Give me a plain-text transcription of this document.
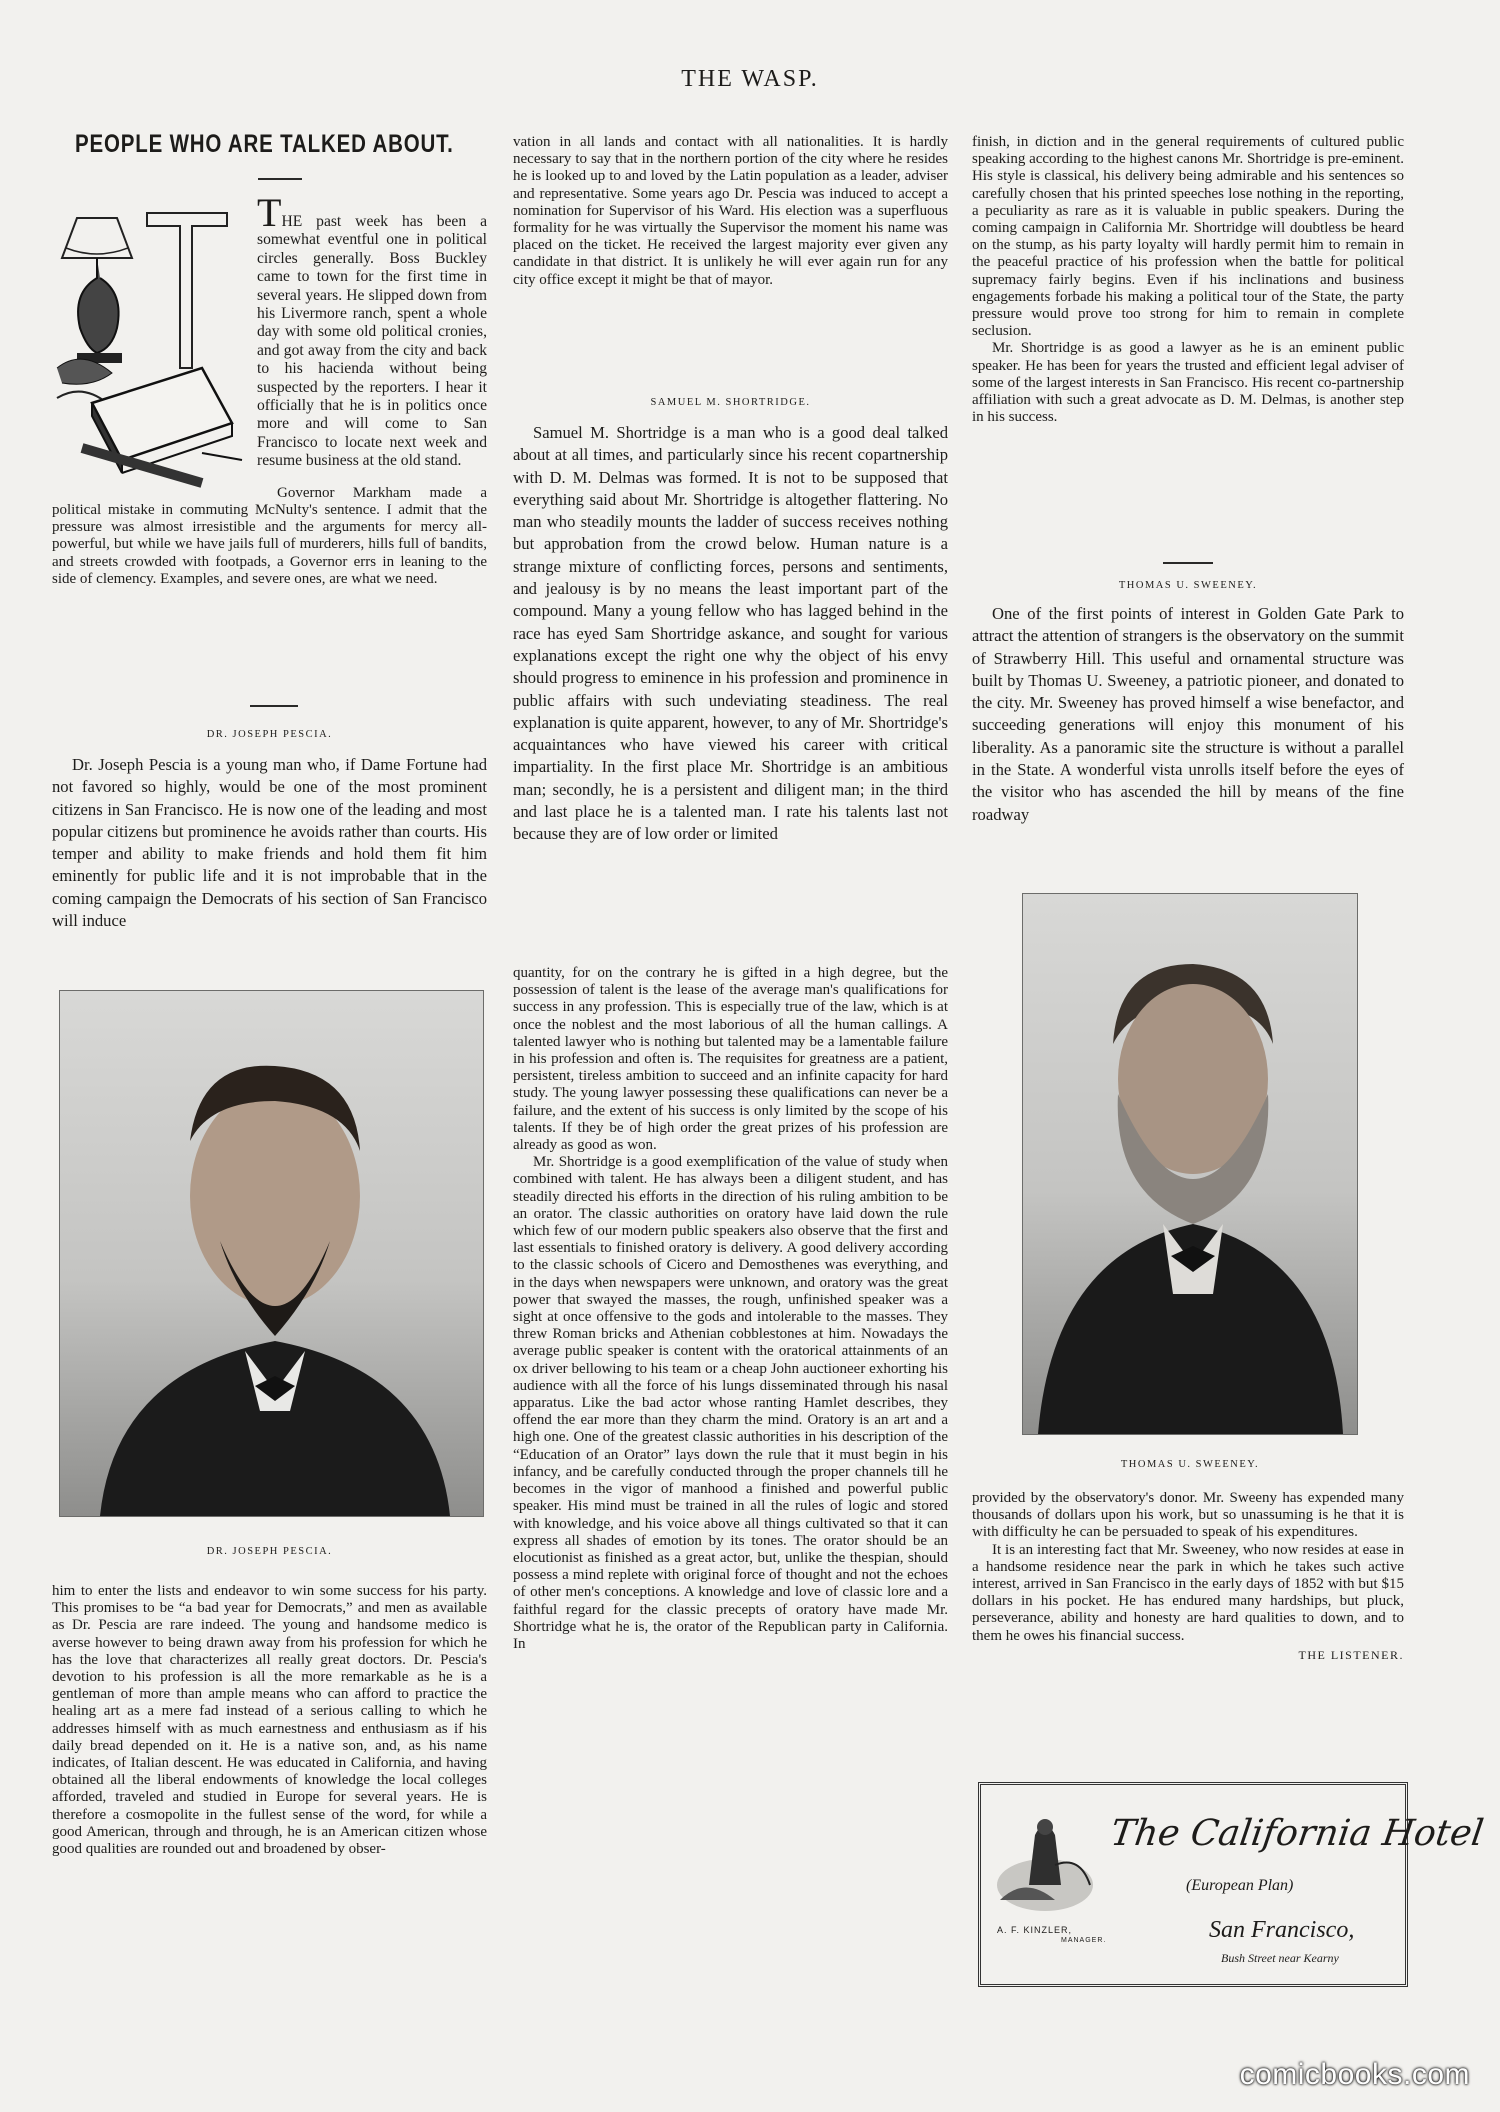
THE WASP.
PEOPLE WHO ARE TALKED ABOUT.

THE past week has been a somewhat eventful one in political circles generally. Boss Buckley came to town for the first time in several years. He slipped down from his Livermore ranch, spent a whole day with some old political cronies, and got away from the city and back to his hacienda without being suspected by the reporters. I hear it officially that he is in politics once more and will come to San Francisco to locate next week and resume business at the old stand.

Governor Markham made a political mistake in commuting McNulty's sentence. I admit that the pressure was almost irresistible and the arguments for mercy all-powerful, but while we have jails full of murderers, hills full of bandits, and streets crowded with footpads, a Governor errs in leaning to the side of clemency. Examples, and severe ones, are what we need.

DR. JOSEPH PESCIA.

Dr. Joseph Pescia is a young man who, if Dame Fortune had not favored so highly, would be one of the most prominent citizens in San Francisco. He is now one of the leading and most popular citizens but prominence he avoids rather than courts. His temper and ability to make friends and hold them fit him eminently for public life and it is not improbable that in the coming campaign the Democrats of his section of San Francisco will induce

DR. JOSEPH PESCIA.

him to enter the lists and endeavor to win some success for his party. This promises to be “a bad year for Democrats,” and men as available as Dr. Pescia are rare indeed. The young and handsome medico is averse however to being drawn away from his profession for which he has the love that characterizes all really great doctors. Dr. Pescia's devotion to his profession is all the more remarkable as he is a gentleman of more than ample means who can afford to practice the healing art as a mere fad instead of a serious calling to which he addresses himself with as much earnestness and enthusiasm as if his daily bread depended on it. He is a native son, and, as his name indicates, of Italian descent. He was educated in California, and having obtained all the liberal endowments of knowledge the local colleges afforded, traveled and studied in Europe for several years. He is therefore a cosmopolite in the fullest sense of the word, for while a good American, through and through, he is an American citizen whose good qualities are rounded out and broadened by obser-

vation in all lands and contact with all nationalities. It is hardly necessary to say that in the northern portion of the city where he resides he is looked up to and loved by the Latin population as a leader, adviser and representative. Some years ago Dr. Pescia was induced to accept a nomination for Supervisor of his Ward. His election was a superfluous formality for he was virtually the Supervisor the moment his name was placed on the ticket. He received the largest majority ever given any candidate in that district. It is unlikely he will ever again run for any city office except it might be that of mayor.

SAMUEL M. SHORTRIDGE.

Samuel M. Shortridge is a man who is a good deal talked about at all times, and particularly since his recent copartnership with D. M. Delmas was formed. It is not to be supposed that everything said about Mr. Shortridge is altogether flattering. No man who steadily mounts the ladder of success receives nothing but approbation from the crowd below. Human nature is a strange mixture of conflicting forces, persons and sentiments, and jealousy is by no means the least important part of the compound. Many a young fellow who has lagged behind in the race has eyed Sam Shortridge askance, and sought for various explanations except the right one why the object of his envy should progress to eminence in his profession and prominence in public affairs with such undeviating steadiness. The real explanation is quite apparent, however, to any of Mr. Shortridge's acquaintances who have viewed his career with critical impartiality. In the first place Mr. Shortridge is an ambitious man; secondly, he is a persistent and diligent man; in the third and last place he is a talented man. I rate his talents last not because they are of low order or limited

quantity, for on the contrary he is gifted in a high degree, but the possession of talent is the lease of the average man's qualifications for success in any profession. This is especially true of the law, which is at once the noblest and the most laborious of all the human callings. A talented lawyer who is nothing but talented may be a lamentable failure in his profession and often is. The requisites for greatness are a patient, persistent, tireless ambition to succeed and an infinite capacity for hard study. The young lawyer possessing these qualifications can never be a failure, and the extent of his success is only limited by the scope of his talents. If they be of high order the great prizes of his profession are already as good as won.

Mr. Shortridge is a good exemplification of the value of study when combined with talent. He has always been a diligent student, and has steadily directed his efforts in the direction of his ruling ambition to be an orator. The classic authorities on oratory have laid down the rule which few of our modern public speakers also observe that the first and last essentials to finished oratory is delivery. A good delivery according to the classic schools of Cicero and Demosthenes was everything, and in the days when newspapers were unknown, and oratory was the great power that swayed the masses, the rough, unfinished speaker was a sight at once offensive to the gods and intolerable to the masses. They threw Roman bricks and Athenian cobblestones at him. Nowadays the average public speaker is content with the oratorical attainments of an ox driver bellowing to his team or a cheap John auctioneer exhorting his audience with all the force of his lungs disseminated through his nasal apparatus. Like the bad actor whose ranting Hamlet describes, they offend the ear more than they charm the mind. Oratory is an art and a high one. One of the greatest classic authorities in his description of the “Education of an Orator” lays down the rule that it must begin in his infancy, and be carefully conducted through the proper channels till he becomes in the vigor of manhood a finished and powerful public speaker. His mind must be trained in all the rules of logic and stored with knowledge, and his voice above all things cultivated so that it can express all shades of emotion by its tones. The orator should be an elocutionist as finished as a great actor, but, unlike the thespian, should possess a mind replete with original force of thought and not the echoes of other men's conceptions. A knowledge and love of classic lore and a faithful regard for the classic precepts of oratory have made Mr. Shortridge what he is, the orator of the Republican party in California. In

finish, in diction and in the general requirements of cultured public speaking according to the highest canons Mr. Shortridge is pre-eminent. His style is classical, his delivery being admirable and his sentences so carefully chosen that his printed speeches lose nothing in the reporting, a peculiarity as rare as it is valuable in public speakers. During the coming campaign in California Mr. Shortridge will doubtless be heard on the stump, as his party loyalty will hardly permit him to remain in the peaceful practice of his profession when the battle for political supremacy fairly begins. Even if his inclinations and business engagements forbade his making a political tour of the State, the party pressure would prove too strong for him to remain in complete seclusion.

Mr. Shortridge is as good a lawyer as he is an eminent public speaker. He has been for years the trusted and efficient legal adviser of some of the largest interests in San Francisco. His recent co-partnership affiliation with such a great advocate as D. M. Delmas, is another step in his success.

THOMAS U. SWEENEY.

One of the first points of interest in Golden Gate Park to attract the attention of strangers is the observatory on the summit of Strawberry Hill. This useful and ornamental structure was built by Thomas U. Sweeney, a patriotic pioneer, and donated to the city. Mr. Sweeney has proved himself a wise benefactor, and succeeding generations will enjoy this monument of his liberality. As a panoramic site the structure is without a parallel in the State. A wonderful vista unrolls itself before the eyes of the visitor who has ascended the hill by means of the fine roadway

THOMAS U. SWEENEY.

provided by the observatory's donor. Mr. Sweeny has expended many thousands of dollars upon his work, but so unassuming is he that it is with difficulty he can be persuaded to speak of his expenditures.

It is an interesting fact that Mr. Sweeney, who now resides at ease in a handsome residence near the park in which he takes such active interest, arrived in San Francisco in the early days of 1852 with but $15 dollars in his pocket. He has endured many hardships, but pluck, perseverance, ability and honesty are hard qualities to down, and to them he owes his financial success.

THE LISTENER.
The California Hotel
(European Plan)
A. F. KINZLER,
MANAGER.	San Francisco,
Bush Street near Kearny
comicbooks.com
